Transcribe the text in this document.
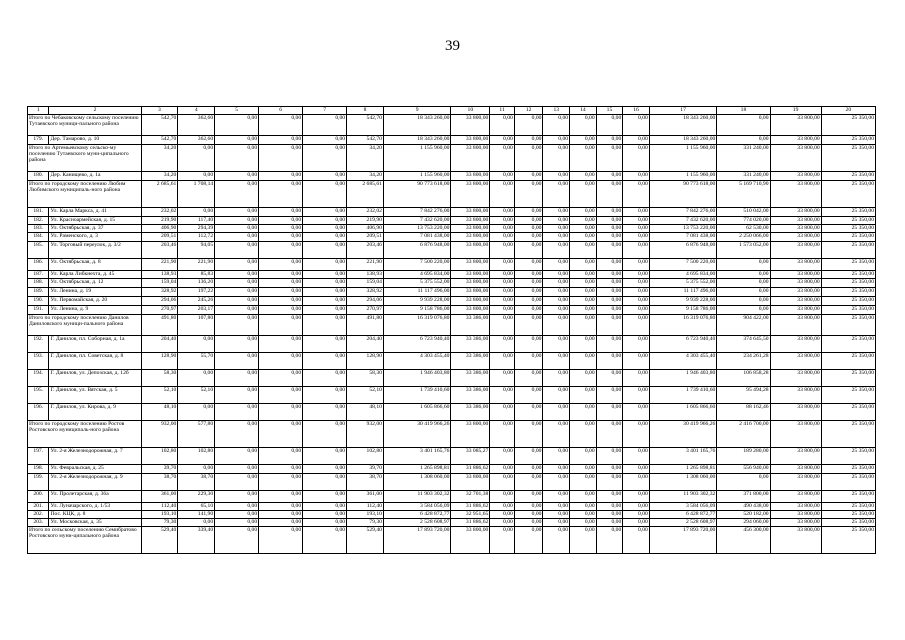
39
1	2	3	4	5	6	7	8	9	10	11	12	13	14	15	16	17	18	19	20
Итого по Чебаковскому сельскому поселению Тутаевского муници-пального района		542,70	362,60	0,00	0,00	0,00	542,70	18 343 260,00	33 800,00	0,00	0,00	0,00	0,00	0,00	0,00	18 343 260,00	0,00	33 800,00	25 350,00
179.	Дер. Тамарово, д. 10	542,70	362,60	0,00	0,00	0,00	542,70	18 343 260,00	33 800,00	0,00	0,00	0,00	0,00	0,00	0,00	18 343 260,00	0,00	33 800,00	25 350,00
Итого по Артемьевскому сельско-му поселению Тутаевского муни-ципального района		34,20	0,00	0,00	0,00	0,00	34,20	1 155 960,00	33 800,00	0,00	0,00	0,00	0,00	0,00	0,00	1 155 960,00	331 240,00	33 800,00	25 350,00
180.	Дер. Канищево, д. 1а	34,20	0,00	0,00	0,00	0,00	34,20	1 155 960,00	33 800,00	0,00	0,00	0,00	0,00	0,00	0,00	1 155 960,00	331 240,00	33 800,00	25 350,00
Итого по городскому поселению Любим Любимского муниципаль-ного района		2 685,61	1 708,14	0,00	0,00	0,00	2 685,61	90 773 618,00	33 800,00	0,00	0,00	0,00	0,00	0,00	0,00	90 773 618,00	5 169 710,90	33 800,00	25 350,00
181.	Ул. Карла Маркса, д. 41	232,02	0,00	0,00	0,00	0,00	232,02	7 842 276,00	33 800,00	0,00	0,00	0,00	0,00	0,00	0,00	7 842 276,00	510 042,00	33 800,00	25 350,00
182.	Ул. Красноармейская, д. 15	219,90	117,40	0,00	0,00	0,00	219,90	7 432 620,00	33 800,00	0,00	0,00	0,00	0,00	0,00	0,00	7 432 620,00	774 020,00	33 800,00	25 350,00
183.	Ул. Октябрьская, д. 37	406,90	294,39	0,00	0,00	0,00	406,90	13 753 220,00	33 800,00	0,00	0,00	0,00	0,00	0,00	0,00	13 753 220,00	62 530,00	33 800,00	25 350,00
184.	Ул. Раменского, д. 3	209,51	112,72	0,00	0,00	0,00	209,51	7 081 438,00	33 800,00	0,00	0,00	0,00	0,00	0,00	0,00	7 081 438,00	2 250 066,00	33 800,00	25 350,00
185.	Ул. Торговый переулок, д. 3/2	203,46	94,05	0,00	0,00	0,00	203,46	6 876 948,00	33 800,00	0,00	0,00	0,00	0,00	0,00	0,00	6 876 948,00	1 573 052,00	33 800,00	25 350,00
186.	Ул. Октябрьская, д. 8	221,90	221,90	0,00	0,00	0,00	221,90	7 500 220,00	33 800,00	0,00	0,00	0,00	0,00	0,00	0,00	7 500 220,00	0,00	33 800,00	25 350,00
187.	Ул. Карла Либкнехта, д. 45	138,93	85,83	0,00	0,00	0,00	138,93	4 695 834,00	33 800,00	0,00	0,00	0,00	0,00	0,00	0,00	4 695 834,00	0,00	33 800,00	25 350,00
188.	Ул. Октябрьская, д. 12	159,04	136,20	0,00	0,00	0,00	159,04	5 375 552,00	33 800,00	0,00	0,00	0,00	0,00	0,00	0,00	5 375 552,00	0,00	33 800,00	25 350,00
189.	Ул. Ленина, д. 19	328,92	197,22	0,00	0,00	0,00	328,92	11 117 496,00	33 800,00	0,00	0,00	0,00	0,00	0,00	0,00	11 117 496,00	0,00	33 800,00	25 350,00
190.	Ул. Первомайская, д. 20	294,06	245,26	0,00	0,00	0,00	294,06	9 939 228,00	33 800,00	0,00	0,00	0,00	0,00	0,00	0,00	9 939 228,00	0,00	33 800,00	25 350,00
191.	Ул. Ленина, д. 9	270,97	203,17	0,00	0,00	0,00	270,97	9 158 786,00	33 800,00	0,00	0,00	0,00	0,00	0,00	0,00	9 158 786,00	0,00	33 800,00	25 350,00
Итого по городскому поселению Данилов Даниловского муници-пального района		491,80	107,80	0,00	0,00	0,00	491,80	16 319 076,80	33 386,00	0,00	0,00	0,00	0,00	0,00	0,00	16 319 076,80	904 422,00	33 800,00	25 350,00
192.	Г. Данилов, пл. Соборная, д. 1а	204,40	0,00	0,00	0,00	0,00	204,40	6 723 940,40	33 386,00	0,00	0,00	0,00	0,00	0,00	0,00	6 723 940,40	374 645,50	33 800,00	25 350,00
193.	Г. Данилов, пл. Советская, д. 8	128,90	55,70	0,00	0,00	0,00	128,90	4 303 455,40	33 386,00	0,00	0,00	0,00	0,00	0,00	0,00	4 303 455,40	234 261,28	33 800,00	25 350,00
194.	Г. Данилов, ул. Депозская, д. 12б	58,30	0,00	0,00	0,00	0,00	58,30	1 946 403,80	33 386,00	0,00	0,00	0,00	0,00	0,00	0,00	1 946 403,80	106 858,28	33 800,00	25 350,00
195.	Г. Данилов, ул. Вятская, д. 5	52,10	52,10	0,00	0,00	0,00	52,10	1 739 410,60	33 386,00	0,00	0,00	0,00	0,00	0,00	0,00	1 739 410,60	95 494,28	33 800,00	25 350,00
196.	Г. Данилов, ул. Кирова, д. 9	48,10	0,00	0,00	0,00	0,00	48,10	1 605 866,60	33 386,00	0,00	0,00	0,00	0,00	0,00	0,00	1 605 866,60	88 162,46	33 800,00	25 350,00
Итого по городскому поселению Ростов Ростовского муниципаль-ного района		932,00	577,80	0,00	0,00	0,00	932,00	30 419 966,26	33 800,00	0,00	0,00	0,00	0,00	0,00	0,00	30 419 966,26	2 416 700,00	33 800,00	25 350,00
197.	Ул. 2-я Железнодорожная, д. 7	102,80	102,80	0,00	0,00	0,00	102,80	3 401 165,76	33 085,27	0,00	0,00	0,00	0,00	0,00	0,00	3 401 165,76	189 280,00	33 800,00	25 350,00
198.	Ул. Февральская, д. 25	39,70	0,00	0,00	0,00	0,00	39,70	1 265 898,81	31 886,62	0,00	0,00	0,00	0,00	0,00	0,00	1 265 898,81	556 940,00	33 800,00	25 350,00
199.	Ул. 2-я Железнодорожная, д. 9	38,70	38,70	0,00	0,00	0,00	38,70	1 308 060,00	33 800,00	0,00	0,00	0,00	0,00	0,00	0,00	1 308 060,00	0,00	33 800,00	25 350,00
200.	Ул. Пролетарская, д. 36а	361,00	229,30	0,00	0,00	0,00	361,00	11 903 302,32	32 701,38	0,00	0,00	0,00	0,00	0,00	0,00	11 903 302,32	371 800,00	33 800,00	25 350,00
201.	Ул. Луначарского, д. 1/53	112,40	65,10	0,00	0,00	0,00	112,40	3 584 056,09	31 886,62	0,00	0,00	0,00	0,00	0,00	0,00	3 584 056,09	490 438,00	33 800,00	25 350,00
202.	Пос. КЦК, д. 8	193,10	141,90	0,00	0,00	0,00	193,10	6 428 872,77	32 951,65	0,00	0,00	0,00	0,00	0,00	0,00	6 428 872,77	520 182,00	33 800,00	25 350,00
203.	Ул. Московская, д. 35	79,30	0,00	0,00	0,00	0,00	79,30	2 528 608,97	31 886,62	0,00	0,00	0,00	0,00	0,00	0,00	2 528 608,97	294 060,00	33 800,00	25 350,00
Итого по сельскому поселению Семибратово Ростовского муни-ципального района		529,40	339,40	0,00	0,00	0,00	529,40	17 893 720,00	33 800,00	0,00	0,00	0,00	0,00	0,00	0,00	17 893 720,00	456 300,00	33 800,00	25 350,00
